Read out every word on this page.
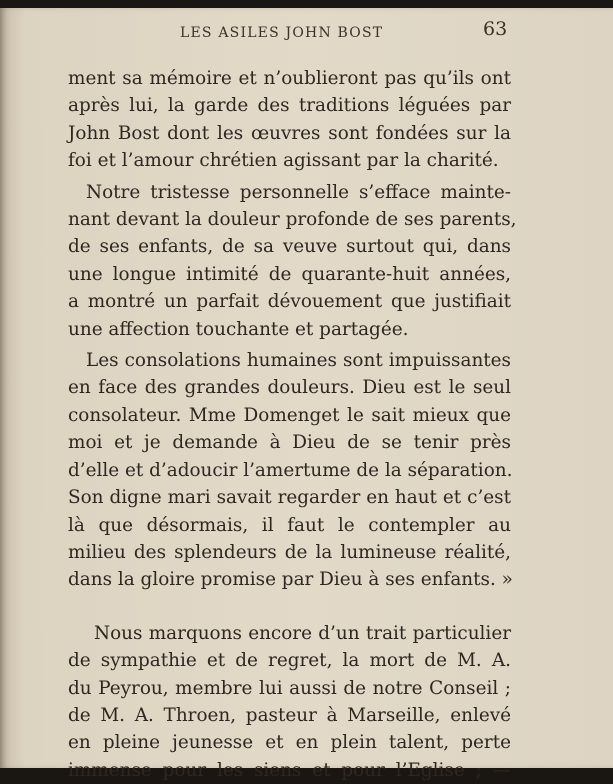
LES ASILES JOHN BOST	63
ment sa mémoire et n’oublieront pas qu’ils ont
après lui, la garde des traditions léguées par
John Bost dont les œuvres sont fondées sur la
foi et l’amour chrétien agissant par la charité.
Notre tristesse personnelle s’efface mainte-
nant devant la douleur profonde de ses parents,
de ses enfants, de sa veuve surtout qui, dans
une longue intimité de quarante-huit années,
a montré un parfait dévouement que justifiait
une affection touchante et partagée.
Les consolations humaines sont impuissantes
en face des grandes douleurs. Dieu est le seul
consolateur. Mme Domenget le sait mieux que
moi et je demande à Dieu de se tenir près
d’elle et d’adoucir l’amertume de la séparation.
Son digne mari savait regarder en haut et c’est
là que désormais, il faut le contempler au
milieu des splendeurs de la lumineuse réalité,
dans la gloire promise par Dieu à ses enfants. »
Nous marquons encore d’un trait particulier
de sympathie et de regret, la mort de M. A.
du Peyrou, membre lui aussi de notre Conseil ;
de M. A. Throen, pasteur à Marseille, enlevé
en pleine jeunesse et en plein talent, perte
immense pour les siens et pour l’Eglise ; —
